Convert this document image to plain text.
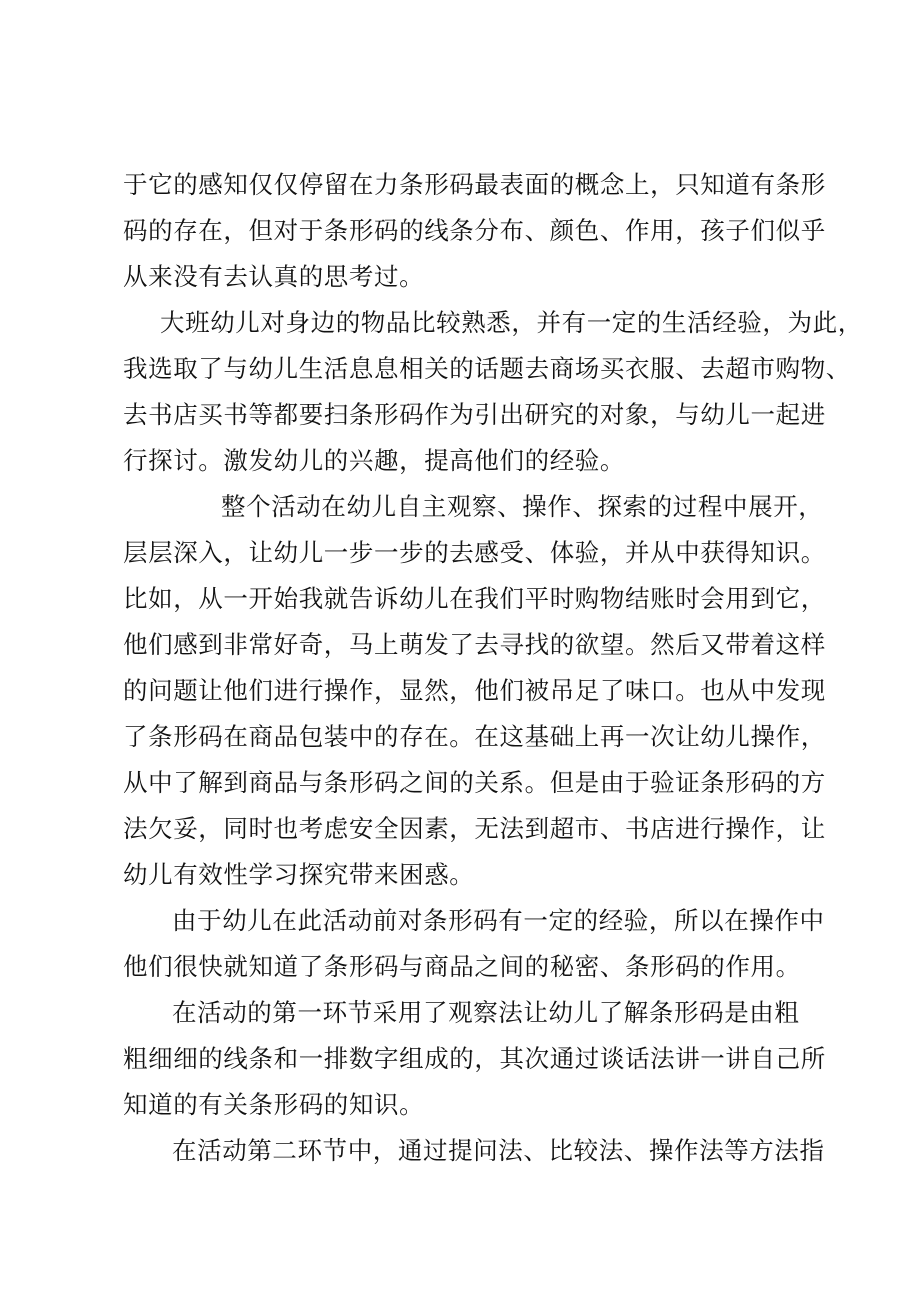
于它的感知仅仅停留在力条形码最表面的概念上，只知道有条形
码的存在，但对于条形码的线条分布、颜色、作用，孩子们似乎
从来没有去认真的思考过。
大班幼儿对身边的物品比较熟悉，并有一定的生活经验，为此，
我选取了与幼儿生活息息相关的话题去商场买衣服、去超市购物、
去书店买书等都要扫条形码作为引出研究的对象，与幼儿一起进
行探讨。激发幼儿的兴趣，提高他们的经验。
整个活动在幼儿自主观察、操作、探索的过程中展开，
层层深入，让幼儿一步一步的去感受、体验，并从中获得知识。
比如，从一开始我就告诉幼儿在我们平时购物结账时会用到它，
他们感到非常好奇，马上萌发了去寻找的欲望。然后又带着这样
的问题让他们进行操作，显然，他们被吊足了味口。也从中发现
了条形码在商品包装中的存在。在这基础上再一次让幼儿操作，
从中了解到商品与条形码之间的关系。但是由于验证条形码的方
法欠妥，同时也考虑安全因素，无法到超市、书店进行操作，让
幼儿有效性学习探究带来困惑。
由于幼儿在此活动前对条形码有一定的经验，所以在操作中
他们很快就知道了条形码与商品之间的秘密、条形码的作用。
在活动的第一环节采用了观察法让幼儿了解条形码是由粗
粗细细的线条和一排数字组成的，其次通过谈话法讲一讲自己所
知道的有关条形码的知识。
在活动第二环节中，通过提问法、比较法、操作法等方法指
